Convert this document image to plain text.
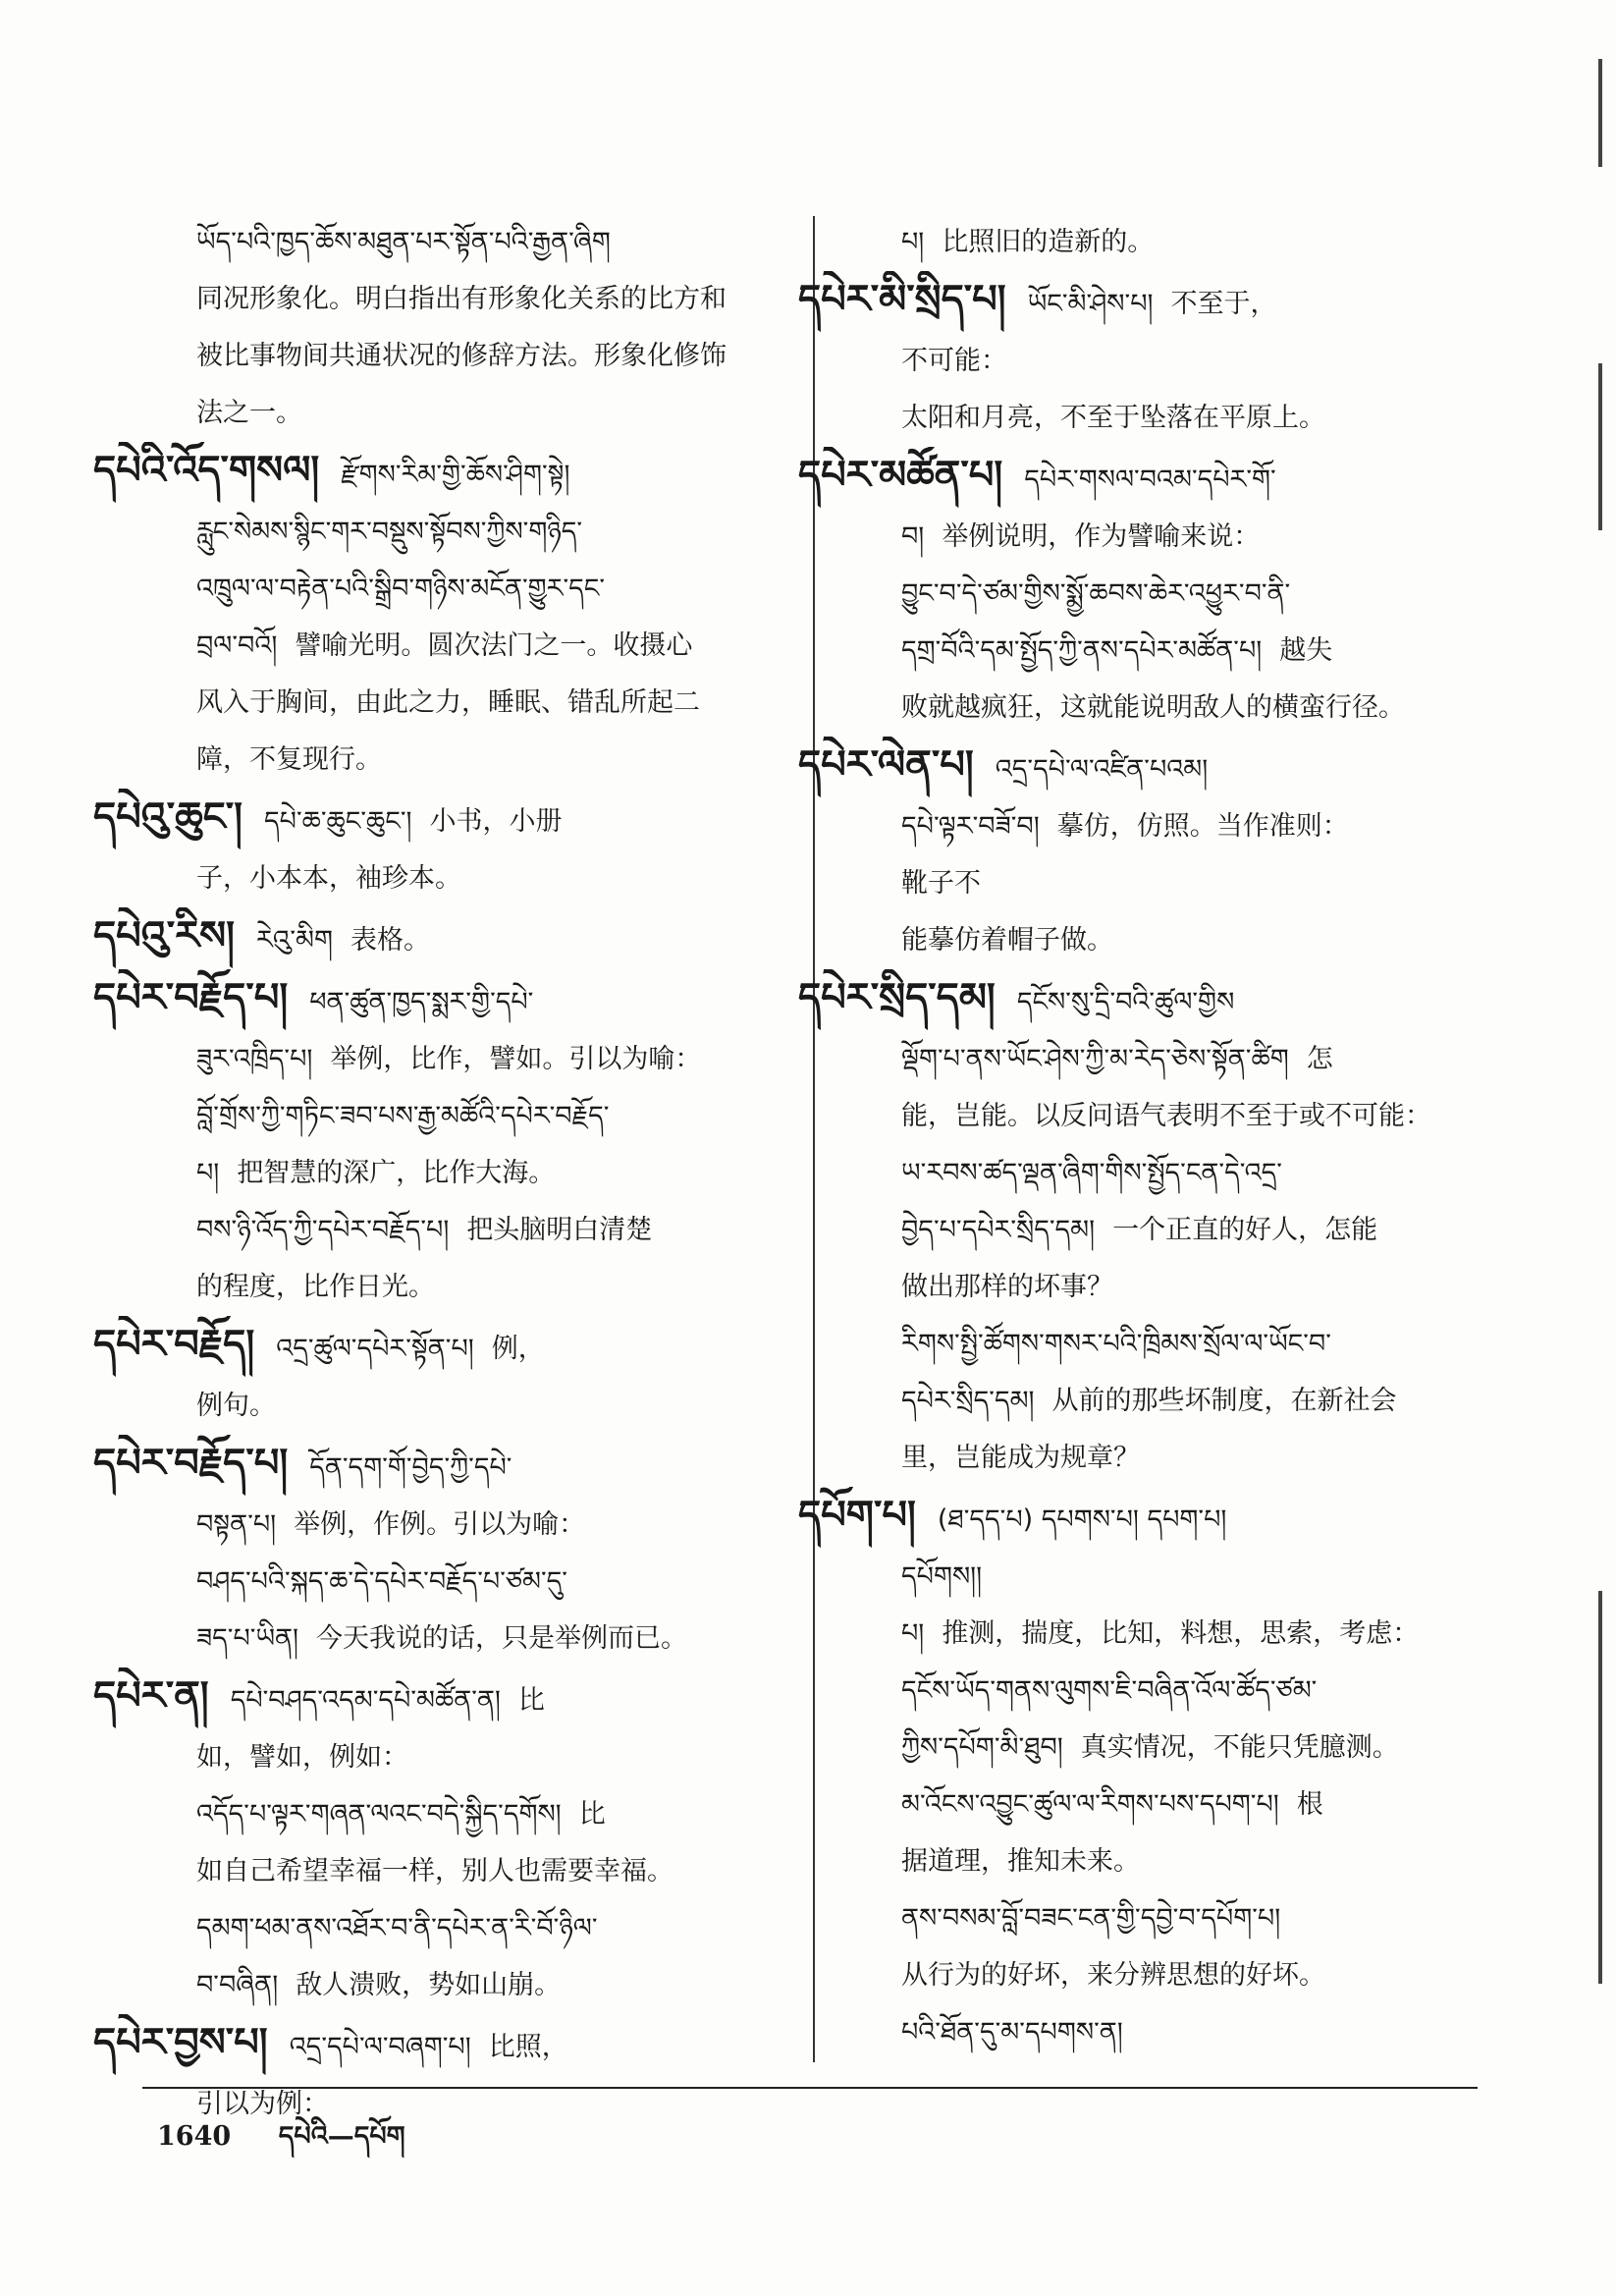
ཡོད་པའི་ཁྱད་ཆོས་མཐུན་པར་སྟོན་པའི་རྒྱན་ཞིག
同况形象化。明白指出有形象化关系的比方和
被比事物间共通状况的修辞方法。形象化修饰
法之一。
དཔེའི་འོད་གསལ། རྫོགས་རིམ་གྱི་ཆོས་ཤིག་སྟེ།
རླུང་སེམས་སྙིང་གར་བསྡུས་སྟོབས་ཀྱིས་གཉིད་
འཁྲུལ་ལ་བརྟེན་པའི་སྒྲིབ་གཉིས་མངོན་གྱུར་དང་
བྲལ་བའོ། 譬喻光明。圆次法门之一。收摄心
风入于胸间，由此之力，睡眠、错乱所起二
障，不复现行。
དཔེའུ་ཆུང་། དཔེ་ཆ་ཆུང་ཆུང་། 小书，小册
子，小本本，袖珍本。
དཔེའུ་རིས། རེའུ་མིག 表格。
དཔེར་བརྗོད་པ། ཕན་ཚུན་ཁྱད་སྨར་གྱི་དཔེ་
ཟུར་འཁྲིད་པ། 举例，比作，譬如。引以为喻：
བློ་གྲོས་ཀྱི་གཏིང་ཟབ་པས་རྒྱ་མཚོའི་དཔེར་བརྗོད་
པ། 把智慧的深广，比作大海。
བས་ཉི་འོད་ཀྱི་དཔེར་བརྗོད་པ། 把头脑明白清楚
的程度，比作日光。
དཔེར་བརྗོད། འདྲ་ཚུལ་དཔེར་སྟོན་པ། 例，
例句。
དཔེར་བརྗོད་པ། དོན་དག་གོ་བྱེད་ཀྱི་དཔེ་
བསྟན་པ། 举例，作例。引以为喻：
བཤད་པའི་སྐད་ཆ་དེ་དཔེར་བརྗོད་པ་ཙམ་དུ་
ཟད་པ་ཡིན། 今天我说的话，只是举例而已。
དཔེར་ན། དཔེ་བཤད་འདམ་དཔེ་མཚོན་ན། 比
如，譬如，例如：
འདོད་པ་ལྟར་གཞན་ལའང་བདེ་སྐྱིད་དགོས། 比
如自己希望幸福一样，别人也需要幸福。
དམག་ཕམ་ནས་འཐོར་བ་ནི་དཔེར་ན་རི་བོ་ཉིལ་
བ་བཞིན། 敌人溃败，势如山崩。
དཔེར་བྱས་པ། འདྲ་དཔེ་ལ་བཞག་པ། 比照，
引以为例：
པ། 比照旧的造新的。
དཔེར་མི་སྲིད་པ། ཡོང་མི་ཤེས་པ། 不至于，
不可能：
太阳和月亮，不至于坠落在平原上。
དཔེར་མཚོན་པ། དཔེར་གསལ་བའམ་དཔེར་གོ་
བ། 举例说明，作为譬喻来说：
བྱུང་བ་དེ་ཙམ་གྱིས་སྨྱོ་ཆབས་ཆེར་འཕྱུར་བ་ནི་
དགྲ་བོའི་དམ་སྤྱོད་ཀྱི་ནས་དཔེར་མཚོན་པ། 越失
败就越疯狂，这就能说明敌人的横蛮行径。
དཔེར་ལེན་པ། འདྲ་དཔེ་ལ་འཛིན་པའམ།
དཔེ་ལྟར་བཟོ་བ། 摹仿，仿照。当作准则：
靴子不
能摹仿着帽子做。
དཔེར་སྲིད་དམ། དངོས་སུ་དྲི་བའི་ཚུལ་གྱིས
ལྡོག་པ་ནས་ཡོང་ཤེས་ཀྱི་མ་རེད་ཅེས་སྟོན་ཚིག 怎
能，岂能。以反问语气表明不至于或不可能：
ཡ་རབས་ཚད་ལྡན་ཞིག་གིས་སྤྱོད་ངན་དེ་འདྲ་
བྱེད་པ་དཔེར་སྲིད་དམ། 一个正直的好人，怎能
做出那样的坏事？
རིགས་སྤྱི་ཚོགས་གསར་པའི་ཁྲིམས་སྲོལ་ལ་ཡོང་བ་
དཔེར་སྲིད་དམ། 从前的那些坏制度，在新社会
里，岂能成为规章？
དཔོག་པ། (ཐ་དད་པ) དཔགས་པ། དཔག་པ།
དཔོགས།།
པ། 推测，揣度，比知，料想，思索，考虑：
དངོས་ཡོད་གནས་ལུགས་ཇི་བཞིན་འོལ་ཚོད་ཙམ་
ཀྱིས་དཔོག་མི་ཐུབ། 真实情况，不能只凭臆测。
མ་འོངས་འབྱུང་ཚུལ་ལ་རིགས་པས་དཔག་པ། 根
据道理，推知未来。
ནས་བསམ་བློ་བཟང་ངན་གྱི་དབྱེ་བ་དཔོག་པ།
从行为的好坏，来分辨思想的好坏。
པའི་ཐོན་དུ་མ་དཔགས་ན།
1640 དཔེའི—དཔོག
